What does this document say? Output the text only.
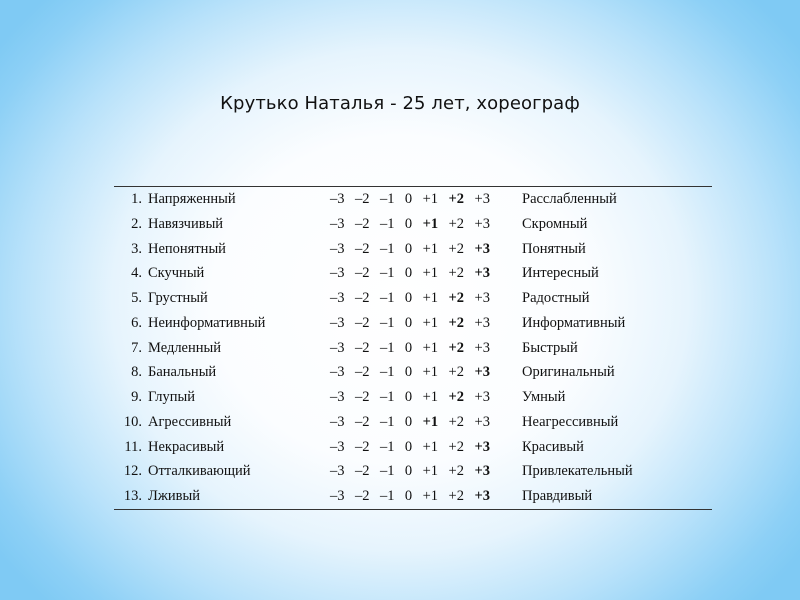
Крутько Наталья - 25 лет, хореограф
1. Напряженный	–3 –2 –1 0 +1 +2 +3 Расслабленный
2. Навязчивый	–3 –2 –1 0 +1 +2 +3 Скромный
3. Непонятный	–3 –2 –1 0 +1 +2 +3 Понятный
4. Скучный	–3 –2 –1 0 +1 +2 +3 Интересный
5. Грустный	–3 –2 –1 0 +1 +2 +3 Радостный
6. Неинформативный	–3 –2 –1 0 +1 +2 +3 Информативный
7. Медленный	–3 –2 –1 0 +1 +2 +3 Быстрый
8. Банальный	–3 –2 –1 0 +1 +2 +3 Оригинальный
9. Глупый	–3 –2 –1 0 +1 +2 +3 Умный
10. Агрессивный	–3 –2 –1 0 +1 +2 +3 Неагрессивный
11. Некрасивый	–3 –2 –1 0 +1 +2 +3 Красивый
12. Отталкивающий	–3 –2 –1 0 +1 +2 +3 Привлекательный
13. Лживый	–3 –2 –1 0 +1 +2 +3 Правдивый
